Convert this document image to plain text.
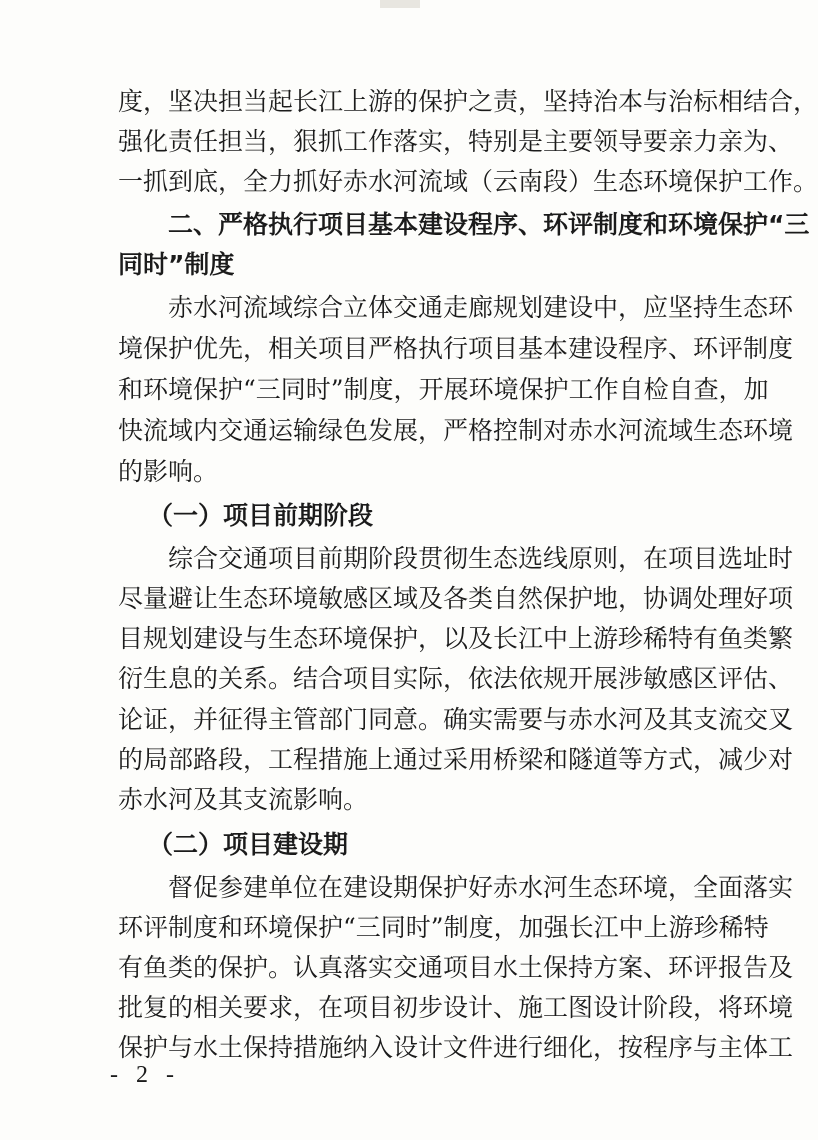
度，坚决担当起长江上游的保护之责，坚持治本与治标相结合，
强化责任担当，狠抓工作落实，特别是主要领导要亲力亲为、
一抓到底，全力抓好赤水河流域（云南段）生态环境保护工作。
二、严格执行项目基本建设程序、环评制度和环境保护“三
同时”制度
赤水河流域综合立体交通走廊规划建设中，应坚持生态环
境保护优先，相关项目严格执行项目基本建设程序、环评制度
和环境保护“三同时”制度，开展环境保护工作自检自查，加
快流域内交通运输绿色发展，严格控制对赤水河流域生态环境
的影响。
（一）项目前期阶段
综合交通项目前期阶段贯彻生态选线原则，在项目选址时
尽量避让生态环境敏感区域及各类自然保护地，协调处理好项
目规划建设与生态环境保护，以及长江中上游珍稀特有鱼类繁
衍生息的关系。结合项目实际，依法依规开展涉敏感区评估、
论证，并征得主管部门同意。确实需要与赤水河及其支流交叉
的局部路段，工程措施上通过采用桥梁和隧道等方式，减少对
赤水河及其支流影响。
（二）项目建设期
督促参建单位在建设期保护好赤水河生态环境，全面落实
环评制度和环境保护“三同时”制度，加强长江中上游珍稀特
有鱼类的保护。认真落实交通项目水土保持方案、环评报告及
批复的相关要求，在项目初步设计、施工图设计阶段，将环境
保护与水土保持措施纳入设计文件进行细化，按程序与主体工
- 2 -
